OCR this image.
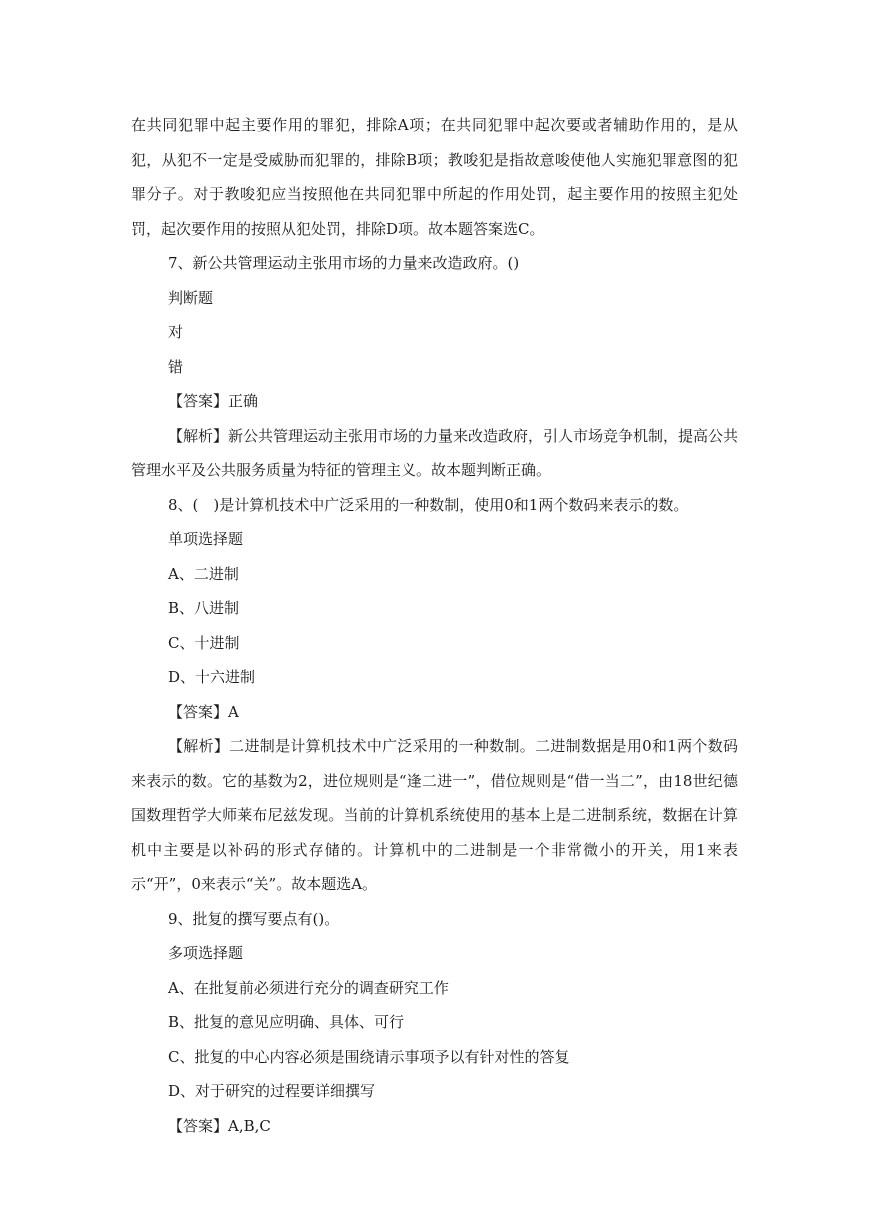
在共同犯罪中起主要作用的罪犯，排除A项；在共同犯罪中起次要或者辅助作用的，是从犯，从犯不一定是受威胁而犯罪的，排除B项；教唆犯是指故意唆使他人实施犯罪意图的犯罪分子。对于教唆犯应当按照他在共同犯罪中所起的作用处罚，起主要作用的按照主犯处罚，起次要作用的按照从犯处罚，排除D项。故本题答案选C。

7、新公共管理运动主张用市场的力量来改造政府。()

判断题

对

错

【答案】正确

【解析】新公共管理运动主张用市场的力量来改造政府，引人市场竞争机制，提高公共管理水平及公共服务质量为特征的管理主义。故本题判断正确。

8、(　)是计算机技术中广泛采用的一种数制，使用0和1两个数码来表示的数。

单项选择题

A、二进制

B、八进制

C、十进制

D、十六进制

【答案】A

【解析】二进制是计算机技术中广泛采用的一种数制。二进制数据是用0和1两个数码来表示的数。它的基数为2，进位规则是“逢二进一”，借位规则是“借一当二”，由18世纪德国数理哲学大师莱布尼兹发现。当前的计算机系统使用的基本上是二进制系统，数据在计算机中主要是以补码的形式存储的。计算机中的二进制是一个非常微小的开关，用1来表示“开”，0来表示“关”。故本题选A。

9、批复的撰写要点有()。

多项选择题

A、在批复前必须进行充分的调查研究工作

B、批复的意见应明确、具体、可行

C、批复的中心内容必须是围绕请示事项予以有针对性的答复

D、对于研究的过程要详细撰写

【答案】A,B,C
